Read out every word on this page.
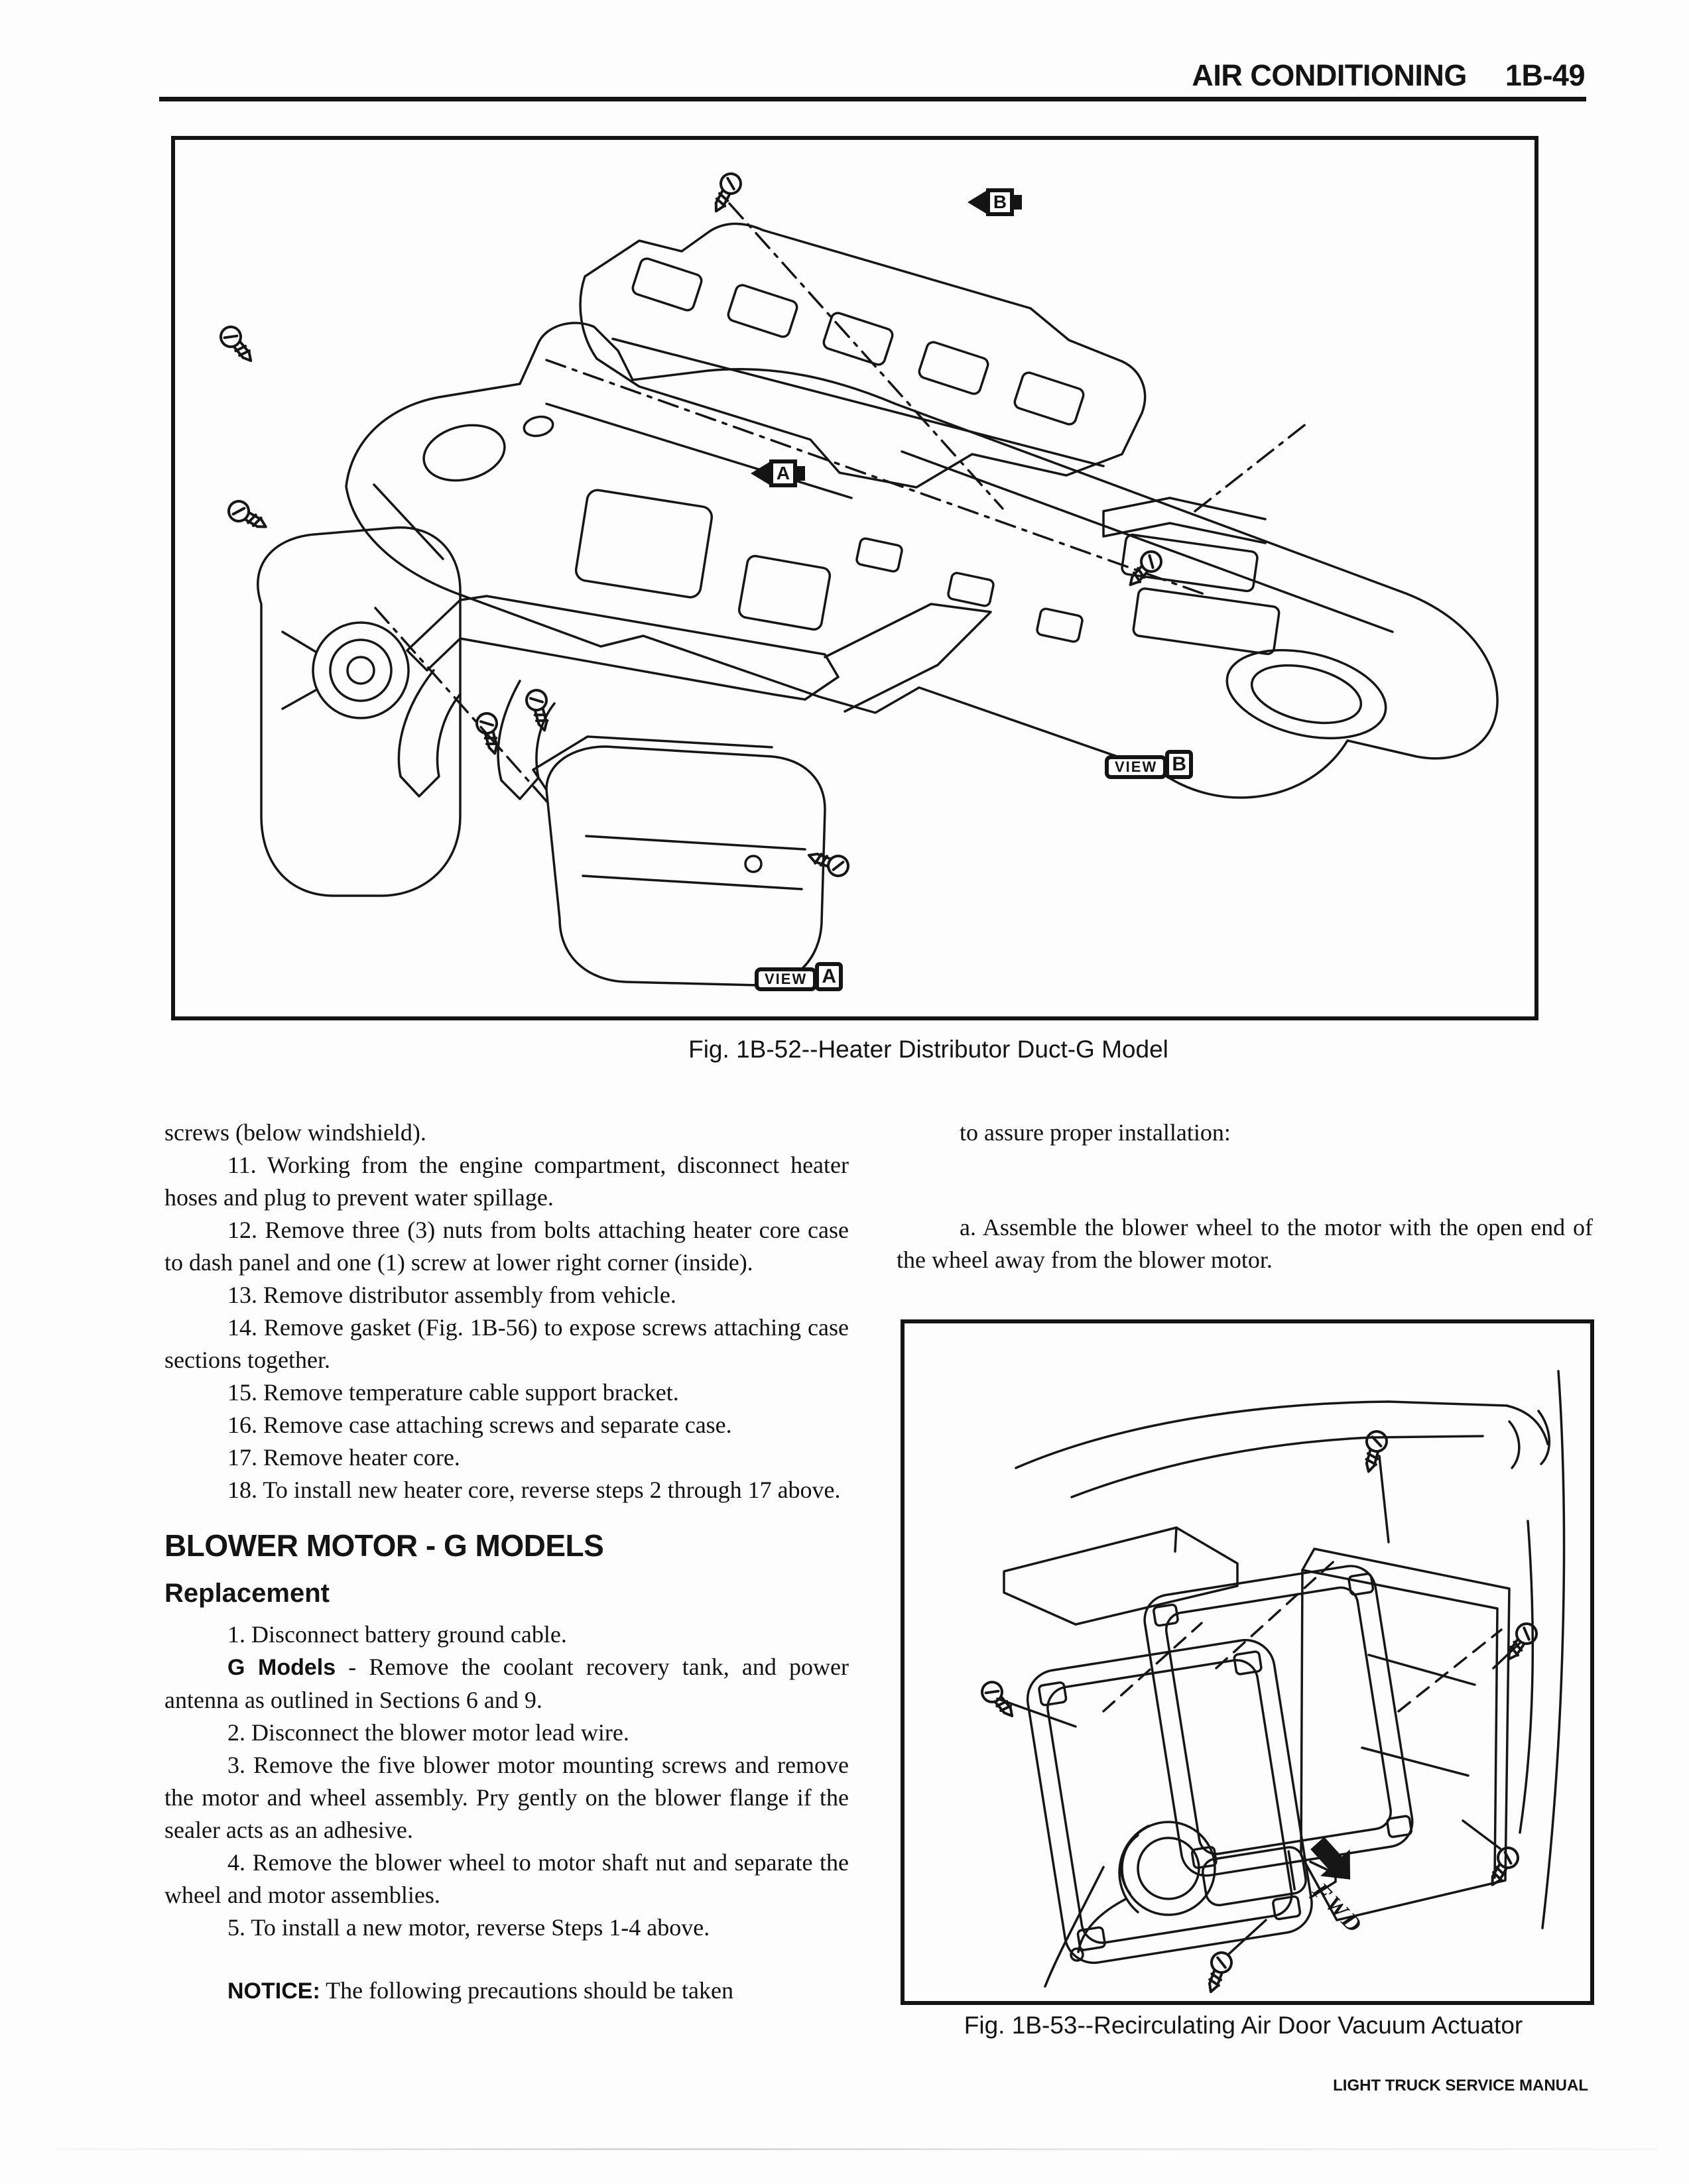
AIR CONDITIONING 1B-49
B
A
VIEW B
VIEW A
Fig. 1B-52--Heater Distributor Duct-G Model

screws (below windshield).

11. Working from the engine compartment, disconnect heater hoses and plug to prevent water spillage.

12. Remove three (3) nuts from bolts attaching heater core case to dash panel and one (1) screw at lower right corner (inside).

13. Remove distributor assembly from vehicle.

14. Remove gasket (Fig. 1B-56) to expose screws attaching case sections together.

15. Remove temperature cable support bracket.

16. Remove case attaching screws and separate case.

17. Remove heater core.

18. To install new heater core, reverse steps 2 through 17 above.

BLOWER MOTOR - G MODELS
Replacement

1. Disconnect battery ground cable.

G Models - Remove the coolant recovery tank, and power antenna as outlined in Sections 6 and 9.

2. Disconnect the blower motor lead wire.

3. Remove the five blower motor mounting screws and remove the motor and wheel assembly. Pry gently on the blower flange if the sealer acts as an adhesive.

4. Remove the blower wheel to motor shaft nut and separate the wheel and motor assemblies.

5. To install a new motor, reverse Steps 1-4 above.

NOTICE: The following precautions should be taken

to assure proper installation:

a. Assemble the blower wheel to the motor with the open end of the wheel away from the blower motor.

FWD
Fig. 1B-53--Recirculating Air Door Vacuum Actuator
LIGHT TRUCK SERVICE MANUAL
